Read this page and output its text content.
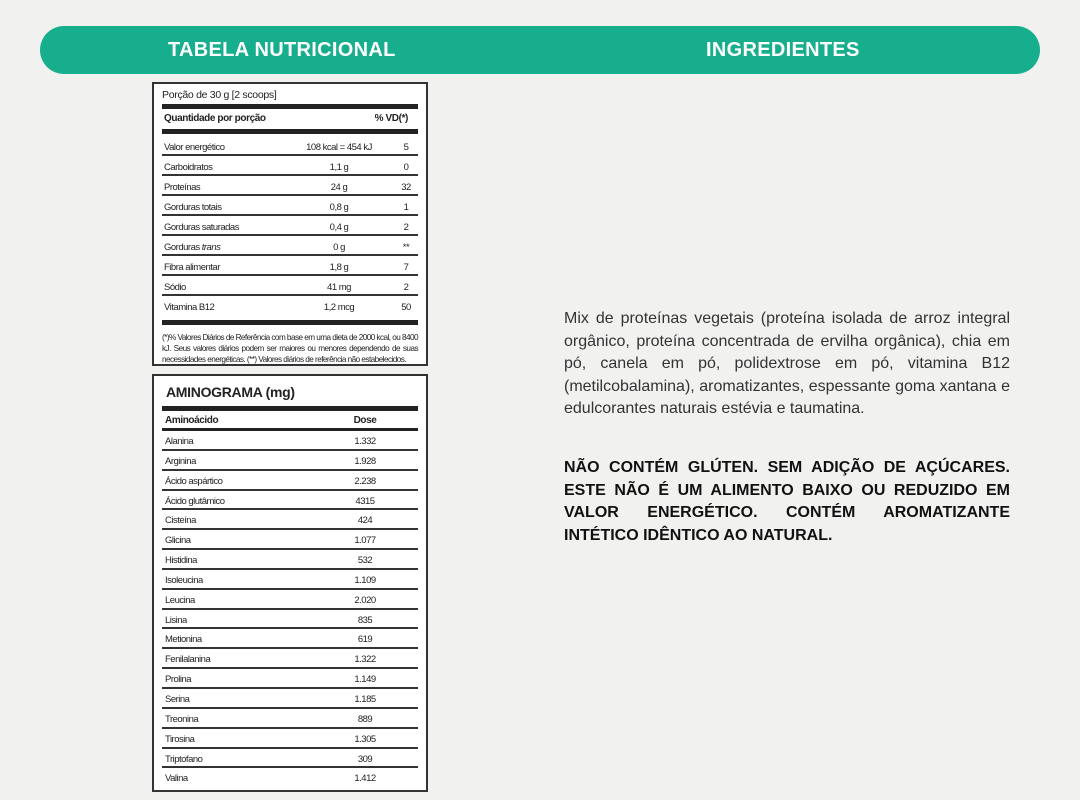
TABELA NUTRICIONAL	INGREDIENTES
Porção de 30 g [2 scoops]
Quantidade por porção	% VD(*)
Valor energético	108 kcal = 454 kJ	5
Carboidratos	1,1 g	0
Proteínas	24 g	32
Gorduras totais	0,8 g	1
Gorduras saturadas	0,4 g	2
Gorduras trans	0 g	**
Fibra alimentar	1,8 g	7
Sódio	41 mg	2
Vitamina B12	1,2 mcg	50
(*)% Valores Diários de Referência com base em uma dieta de 2000 kcal, ou 8400 kJ. Seus valores diários podem ser maiores ou menores dependendo de suas necessidades energéticas. (**) Valores diários de referência não estabelecidos.
AMINOGRAMA (mg)
Aminoácido	Dose
Alanina	1.332
Arginina	1.928
Ácido aspártico	2.238
Ácido glutâmico	4315
Cisteína	424
Glicina	1.077
Histidina	532
Isoleucina	1.109
Leucina	2.020
Lisina	835
Metionina	619
Fenilalanina	1.322
Prolina	1.149
Serina	1.185
Treonina	889
Tirosina	1.305
Triptofano	309
Valina	1.412
Mix de proteínas vegetais (proteína isolada de arroz integral orgânico, proteína concentrada de ervilha orgânica), chia em pó, canela em pó, polidextrose em pó, vitamina B12 (metilcobalamina), aromatizantes, espessante goma xantana e edulcorantes naturais estévia e taumatina.
NÃO CONTÉM GLÚTEN. SEM ADIÇÃO DE AÇÚCARES. ESTE NÃO É UM ALIMENTO BAIXO OU REDUZIDO EM VALOR ENERGÉTICO. CONTÉM AROMATIZANTE INTÉTICO IDÊNTICO AO NATURAL.
